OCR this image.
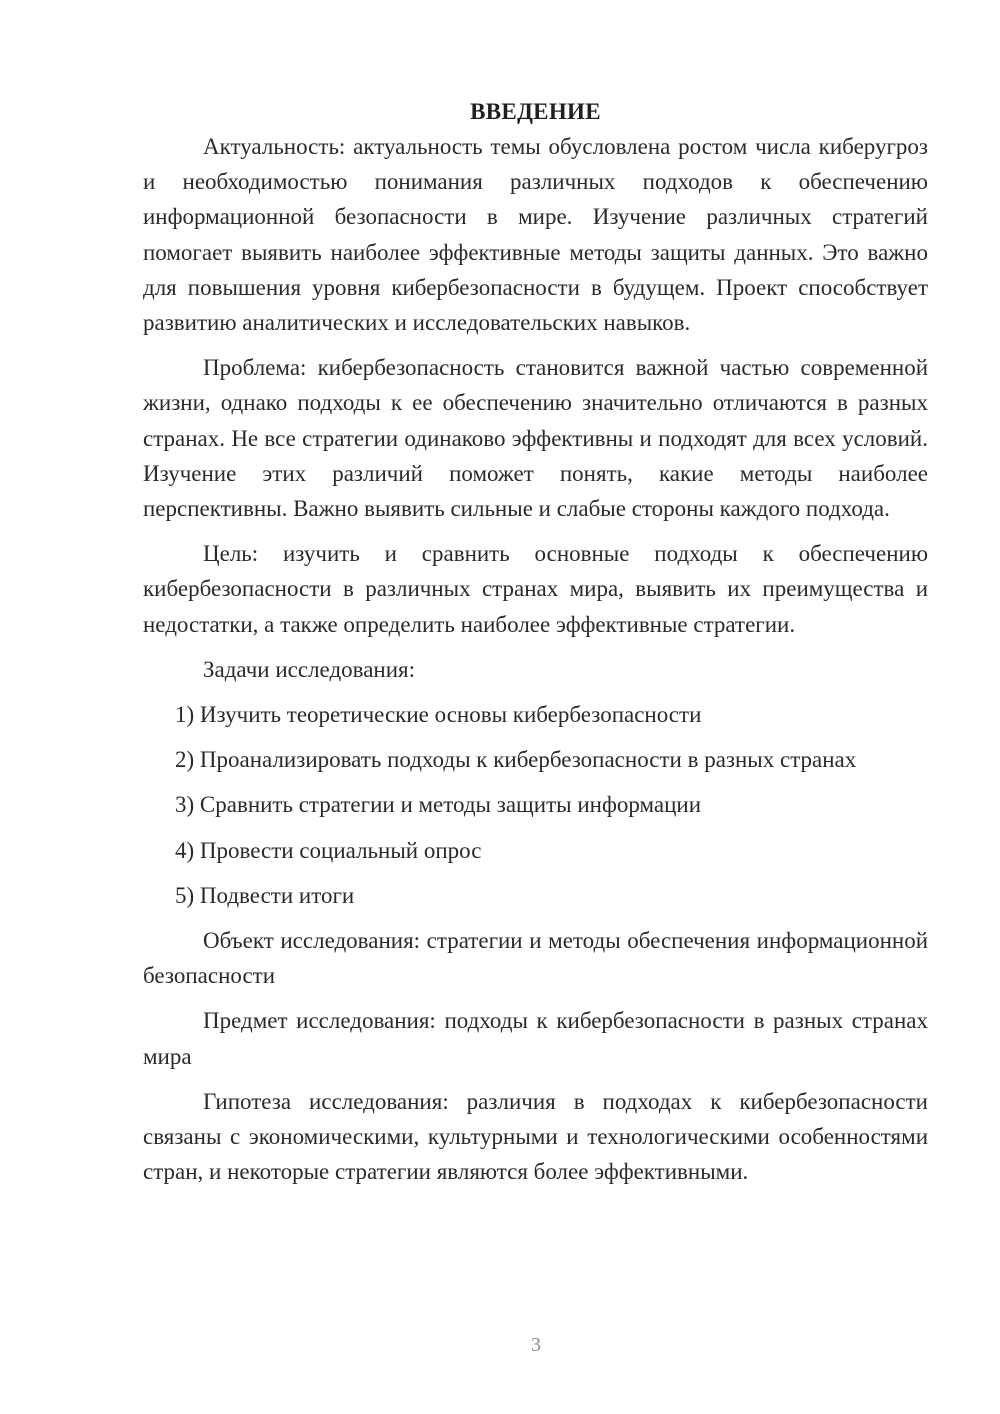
ВВЕДЕНИЕ

Актуальность: актуальность темы обусловлена ростом числа киберугроз и необходимостью понимания различных подходов к обеспечению информационной безопасности в мире. Изучение различных стратегий помогает выявить наиболее эффективные методы защиты данных. Это важно для повышения уровня кибербезопасности в будущем. Проект способствует развитию аналитических и исследовательских навыков.

Проблема: кибербезопасность становится важной частью современной жизни, однако подходы к ее обеспечению значительно отличаются в разных странах. Не все стратегии одинаково эффективны и подходят для всех условий. Изучение этих различий поможет понять, какие методы наиболее перспективны. Важно выявить сильные и слабые стороны каждого подхода.

Цель: изучить и сравнить основные подходы к обеспечению кибербезопасности в различных странах мира, выявить их преимущества и недостатки, а также определить наиболее эффективные стратегии.

Задачи исследования:

1) Изучить теоретические основы кибербезопасности
2) Проанализировать подходы к кибербезопасности в разных странах
3) Сравнить стратегии и методы защиты информации
4) Провести социальный опрос
5) Подвести итоги

Объект исследования: стратегии и методы обеспечения информационной безопасности

Предмет исследования: подходы к кибербезопасности в разных странах мира

Гипотеза исследования: различия в подходах к кибербезопасности связаны с экономическими, культурными и технологическими особенностями стран, и некоторые стратегии являются более эффективными.

3
